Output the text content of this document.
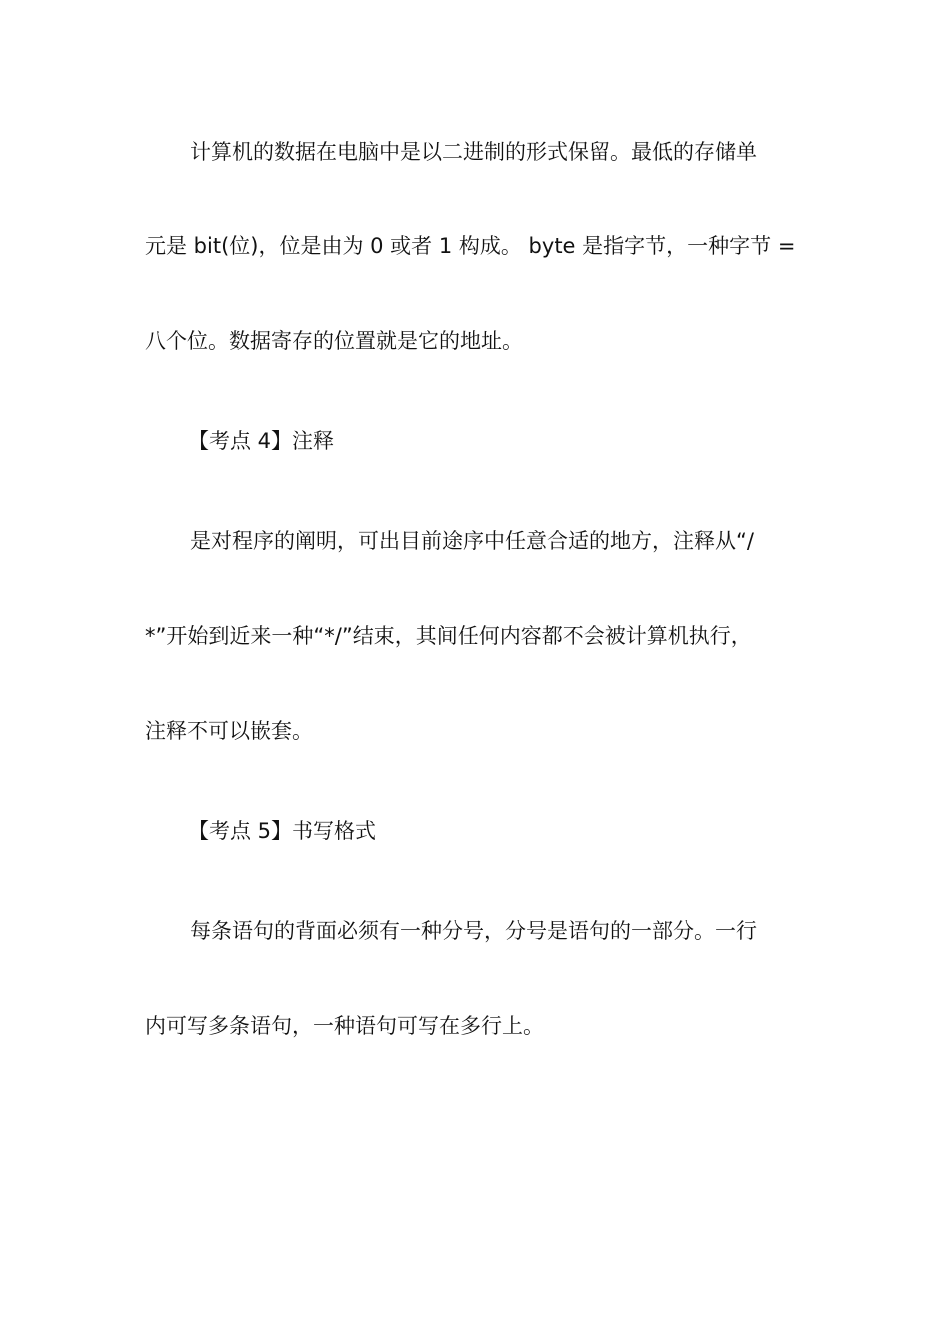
计算机的数据在电脑中是以二进制的形式保留。最低的存储单
元是 bit(位)，位是由为 0 或者 1 构成。 byte 是指字节，一种字节 =
八个位。数据寄存的位置就是它的地址。
【考点 4】注释
是对程序的阐明，可出目前途序中任意合适的地方，注释从“/
*”开始到近来一种“*/”结束，其间任何内容都不会被计算机执行，
注释不可以嵌套。
【考点 5】书写格式
每条语句的背面必须有一种分号，分号是语句的一部分。一行
内可写多条语句，一种语句可写在多行上。
